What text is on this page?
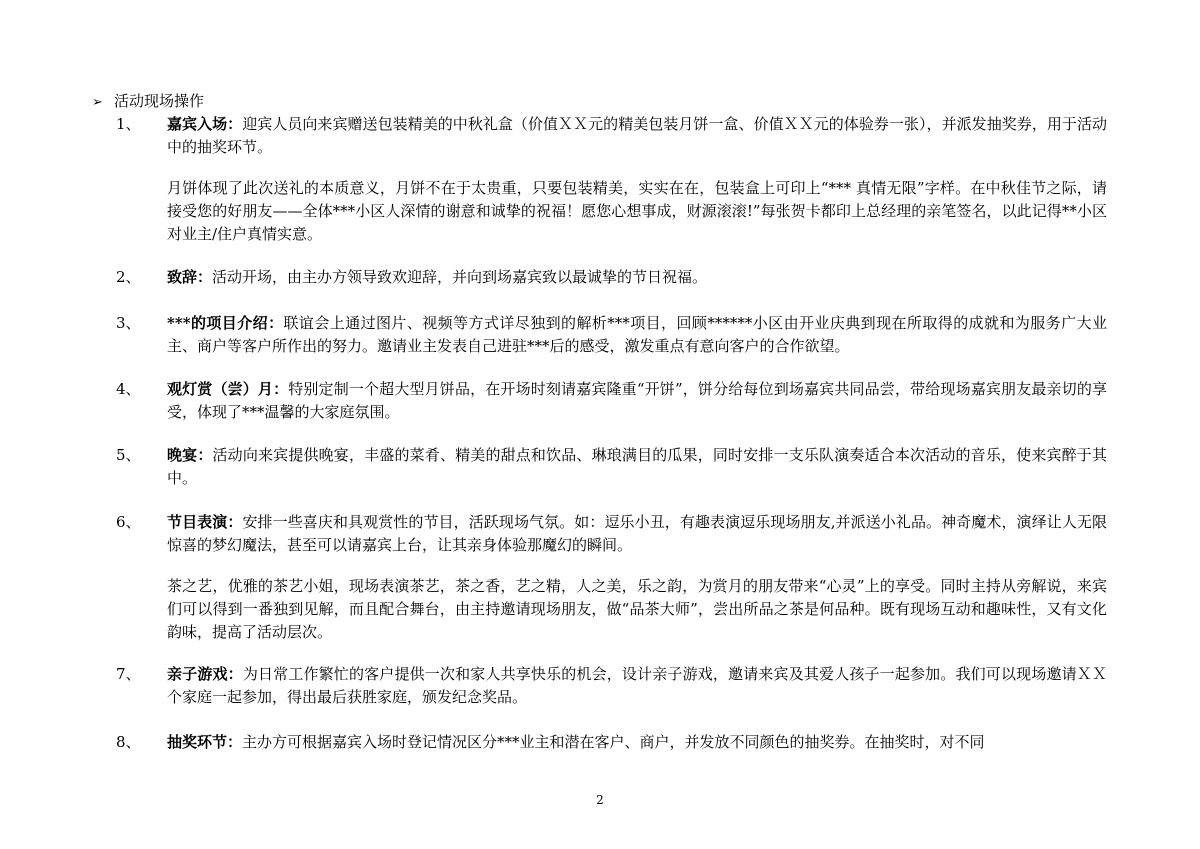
➢ 活动现场操作
1、 嘉宾入场：迎宾人员向来宾赠送包装精美的中秋礼盒（价值ＸＸ元的精美包装月饼一盒、价值ＸＸ元的体验券一张），并派发抽奖券，用于活动中的抽奖环节。
月饼体现了此次送礼的本质意义，月饼不在于太贵重，只要包装精美，实实在在，包装盒上可印上“*** 真情无限”字样。在中秋佳节之际，请接受您的好朋友——全体***小区人深情的谢意和诚挚的祝福！愿您心想事成，财源滚滚!”每张贺卡都印上总经理的亲笔签名，以此记得**小区对业主/住户真情实意。
2、 致辞：活动开场，由主办方领导致欢迎辞，并向到场嘉宾致以最诚挚的节日祝福。
3、 ***的项目介绍：联谊会上通过图片、视频等方式详尽独到的解析***项目，回顾******小区由开业庆典到现在所取得的成就和为服务广大业主、商户等客户所作出的努力。邀请业主发表自己进驻***后的感受，激发重点有意向客户的合作欲望。
4、 观灯赏（尝）月：特别定制一个超大型月饼品，在开场时刻请嘉宾隆重“开饼”，饼分给每位到场嘉宾共同品尝，带给现场嘉宾朋友最亲切的享受，体现了***温馨的大家庭氛围。
5、 晚宴：活动向来宾提供晚宴，丰盛的菜肴、精美的甜点和饮品、琳琅满目的瓜果，同时安排一支乐队演奏适合本次活动的音乐，使来宾醉于其中。
6、 节目表演：安排一些喜庆和具观赏性的节目，活跃现场气氛。如：逗乐小丑，有趣表演逗乐现场朋友,并派送小礼品。神奇魔术，演绎让人无限惊喜的梦幻魔法，甚至可以请嘉宾上台，让其亲身体验那魔幻的瞬间。
茶之艺，优雅的茶艺小姐，现场表演茶艺，茶之香，艺之精，人之美，乐之韵，为赏月的朋友带来“心灵”上的享受。同时主持从旁解说，来宾们可以得到一番独到见解，而且配合舞台，由主持邀请现场朋友，做“品茶大师”，尝出所品之茶是何品种。既有现场互动和趣味性，又有文化韵味，提高了活动层次。
7、 亲子游戏：为日常工作繁忙的客户提供一次和家人共享快乐的机会，设计亲子游戏，邀请来宾及其爱人孩子一起参加。我们可以现场邀请ＸＸ个家庭一起参加，得出最后获胜家庭，颁发纪念奖品。
8、 抽奖环节：主办方可根据嘉宾入场时登记情况区分***业主和潜在客户、商户，并发放不同颜色的抽奖券。在抽奖时，对不同
2
